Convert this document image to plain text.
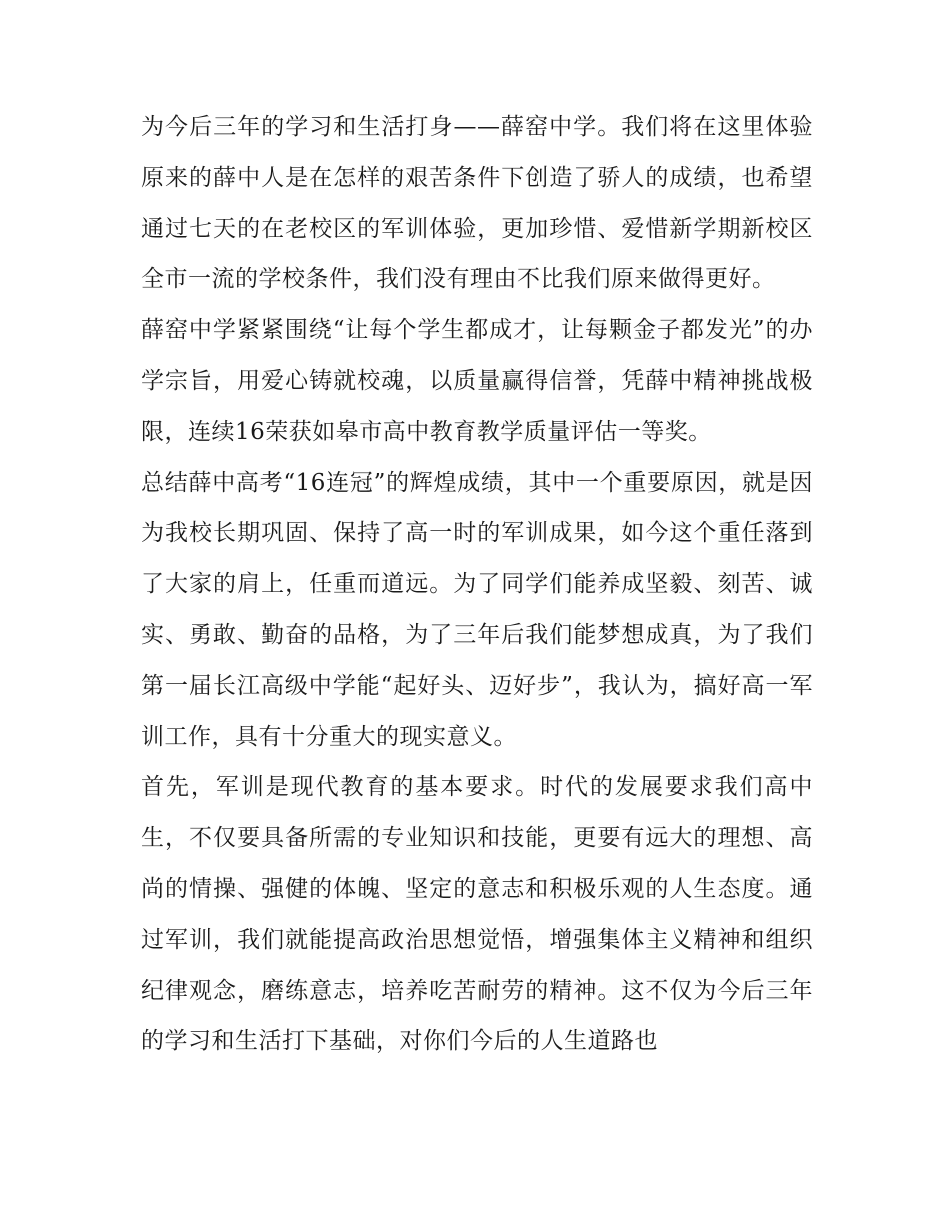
为今后三年的学习和生活打身——薛窑中学。我们将在这里体验原来的薛中人是在怎样的艰苦条件下创造了骄人的成绩，也希望通过七天的在老校区的军训体验，更加珍惜、爱惜新学期新校区全市一流的学校条件，我们没有理由不比我们原来做得更好。

薛窑中学紧紧围绕“让每个学生都成才，让每颗金子都发光”的办学宗旨，用爱心铸就校魂，以质量赢得信誉，凭薛中精神挑战极限，连续16荣获如皋市高中教育教学质量评估一等奖。

总结薛中高考“16连冠”的辉煌成绩，其中一个重要原因，就是因为我校长期巩固、保持了高一时的军训成果，如今这个重任落到了大家的肩上，任重而道远。为了同学们能养成坚毅、刻苦、诚实、勇敢、勤奋的品格，为了三年后我们能梦想成真，为了我们第一届长江高级中学能“起好头、迈好步”，我认为，搞好高一军训工作，具有十分重大的现实意义。

首先，军训是现代教育的基本要求。时代的发展要求我们高中生，不仅要具备所需的专业知识和技能，更要有远大的理想、高尚的情操、强健的体魄、坚定的意志和积极乐观的人生态度。通过军训，我们就能提高政治思想觉悟，增强集体主义精神和组织纪律观念，磨练意志，培养吃苦耐劳的精神。这不仅为今后三年的学习和生活打下基础，对你们今后的人生道路也
